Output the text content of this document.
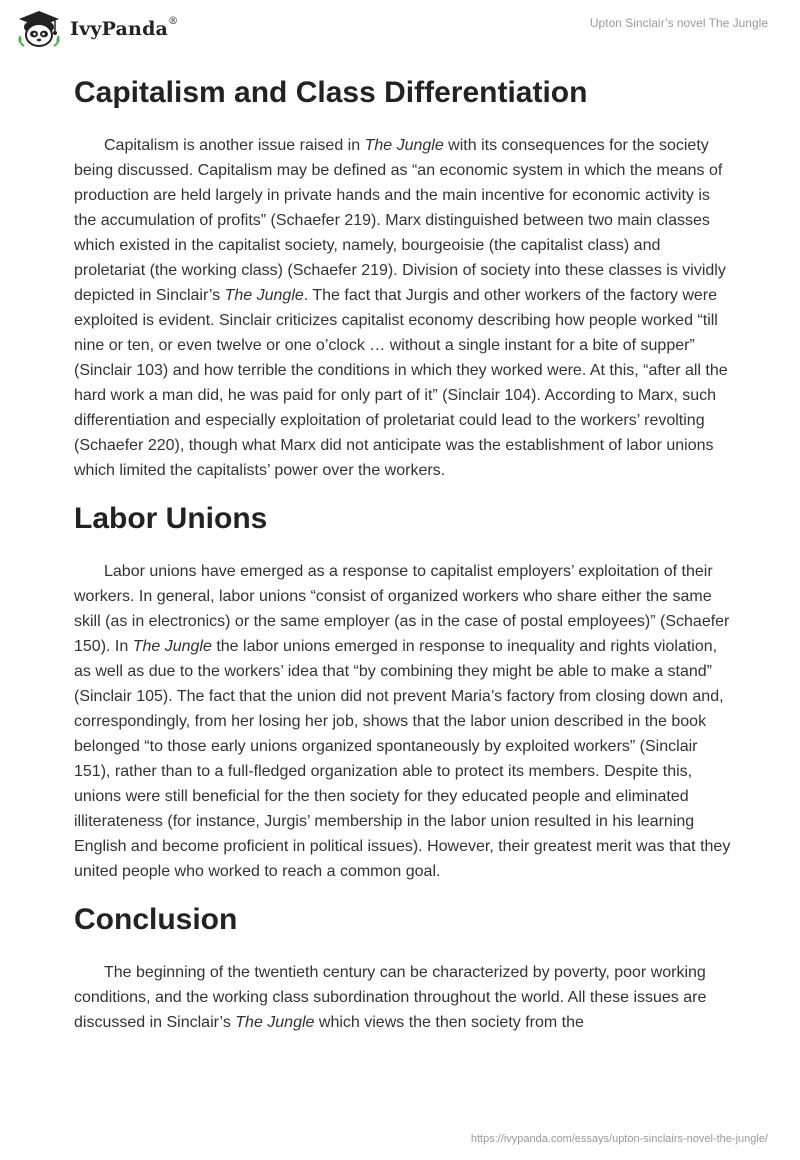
IvyPanda®	Upton Sinclair’s novel The Jungle
Capitalism and Class Differentiation

Capitalism is another issue raised in The Jungle with its consequences for the society being discussed. Capitalism may be defined as “an economic system in which the means of production are held largely in private hands and the main incentive for economic activity is the accumulation of profits” (Schaefer 219). Marx distinguished between two main classes which existed in the capitalist society, namely, bourgeoisie (the capitalist class) and proletariat (the working class) (Schaefer 219). Division of society into these classes is vividly depicted in Sinclair’s The Jungle. The fact that Jurgis and other workers of the factory were exploited is evident. Sinclair criticizes capitalist economy describing how people worked “till nine or ten, or even twelve or one o’clock … without a single instant for a bite of supper” (Sinclair 103) and how terrible the conditions in which they worked were. At this, “after all the hard work a man did, he was paid for only part of it” (Sinclair 104). According to Marx, such differentiation and especially exploitation of proletariat could lead to the workers’ revolting (Schaefer 220), though what Marx did not anticipate was the establishment of labor unions which limited the capitalists’ power over the workers.

Labor Unions

Labor unions have emerged as a response to capitalist employers’ exploitation of their workers. In general, labor unions “consist of organized workers who share either the same skill (as in electronics) or the same employer (as in the case of postal employees)” (Schaefer 150). In The Jungle the labor unions emerged in response to inequality and rights violation, as well as due to the workers’ idea that “by combining they might be able to make a stand” (Sinclair 105). The fact that the union did not prevent Maria’s factory from closing down and, correspondingly, from her losing her job, shows that the labor union described in the book belonged “to those early unions organized spontaneously by exploited workers” (Sinclair 151), rather than to a full-fledged organization able to protect its members. Despite this, unions were still beneficial for the then society for they educated people and eliminated illiterateness (for instance, Jurgis’ membership in the labor union resulted in his learning English and become proficient in political issues). However, their greatest merit was that they united people who worked to reach a common goal.

Conclusion

The beginning of the twentieth century can be characterized by poverty, poor working conditions, and the working class subordination throughout the world. All these issues are discussed in Sinclair’s The Jungle which views the then society from the

https://ivypanda.com/essays/upton-sinclairs-novel-the-jungle/
